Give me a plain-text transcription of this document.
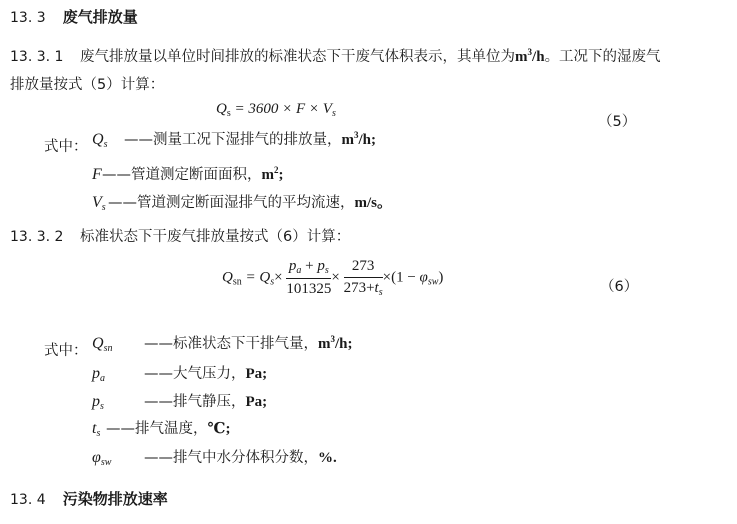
13. 3 废气排放量
13. 3. 1 废气排放量以单位时间排放的标准状态下干废气体积表示，其单位为$m^3/h$。工况下的湿废气
排放量按式（5）计算：
$Q_s = 3600 \times F \times V_s$
（5）
式中： $Q_s$ ——测量工况下湿排气的排放量，$m^3/h$;
F——管道测定断面面积，$m^2$;
$V_s$ ——管道测定断面湿排气的平均流速，m/s。
13. 3. 2 标准状态下干废气排放量按式（6）计算：
$Q_{sn} = Q_s\times \frac{p_a + p_s}{101325} \times \frac{273}{273+t_s} \times(1 - \varphi_{sw})$
（6）
式中： $Q_{sn}$ ——标准状态下干排气量，$m^3/h$;
$p_a$	——大气压力，Pa;
$p_s$	——排气静压，Pa;
$t_s$ ——排气温度，℃;
$\varphi_{sw}$ ——排气中水分体积分数，%.
13. 4 污染物排放速率
